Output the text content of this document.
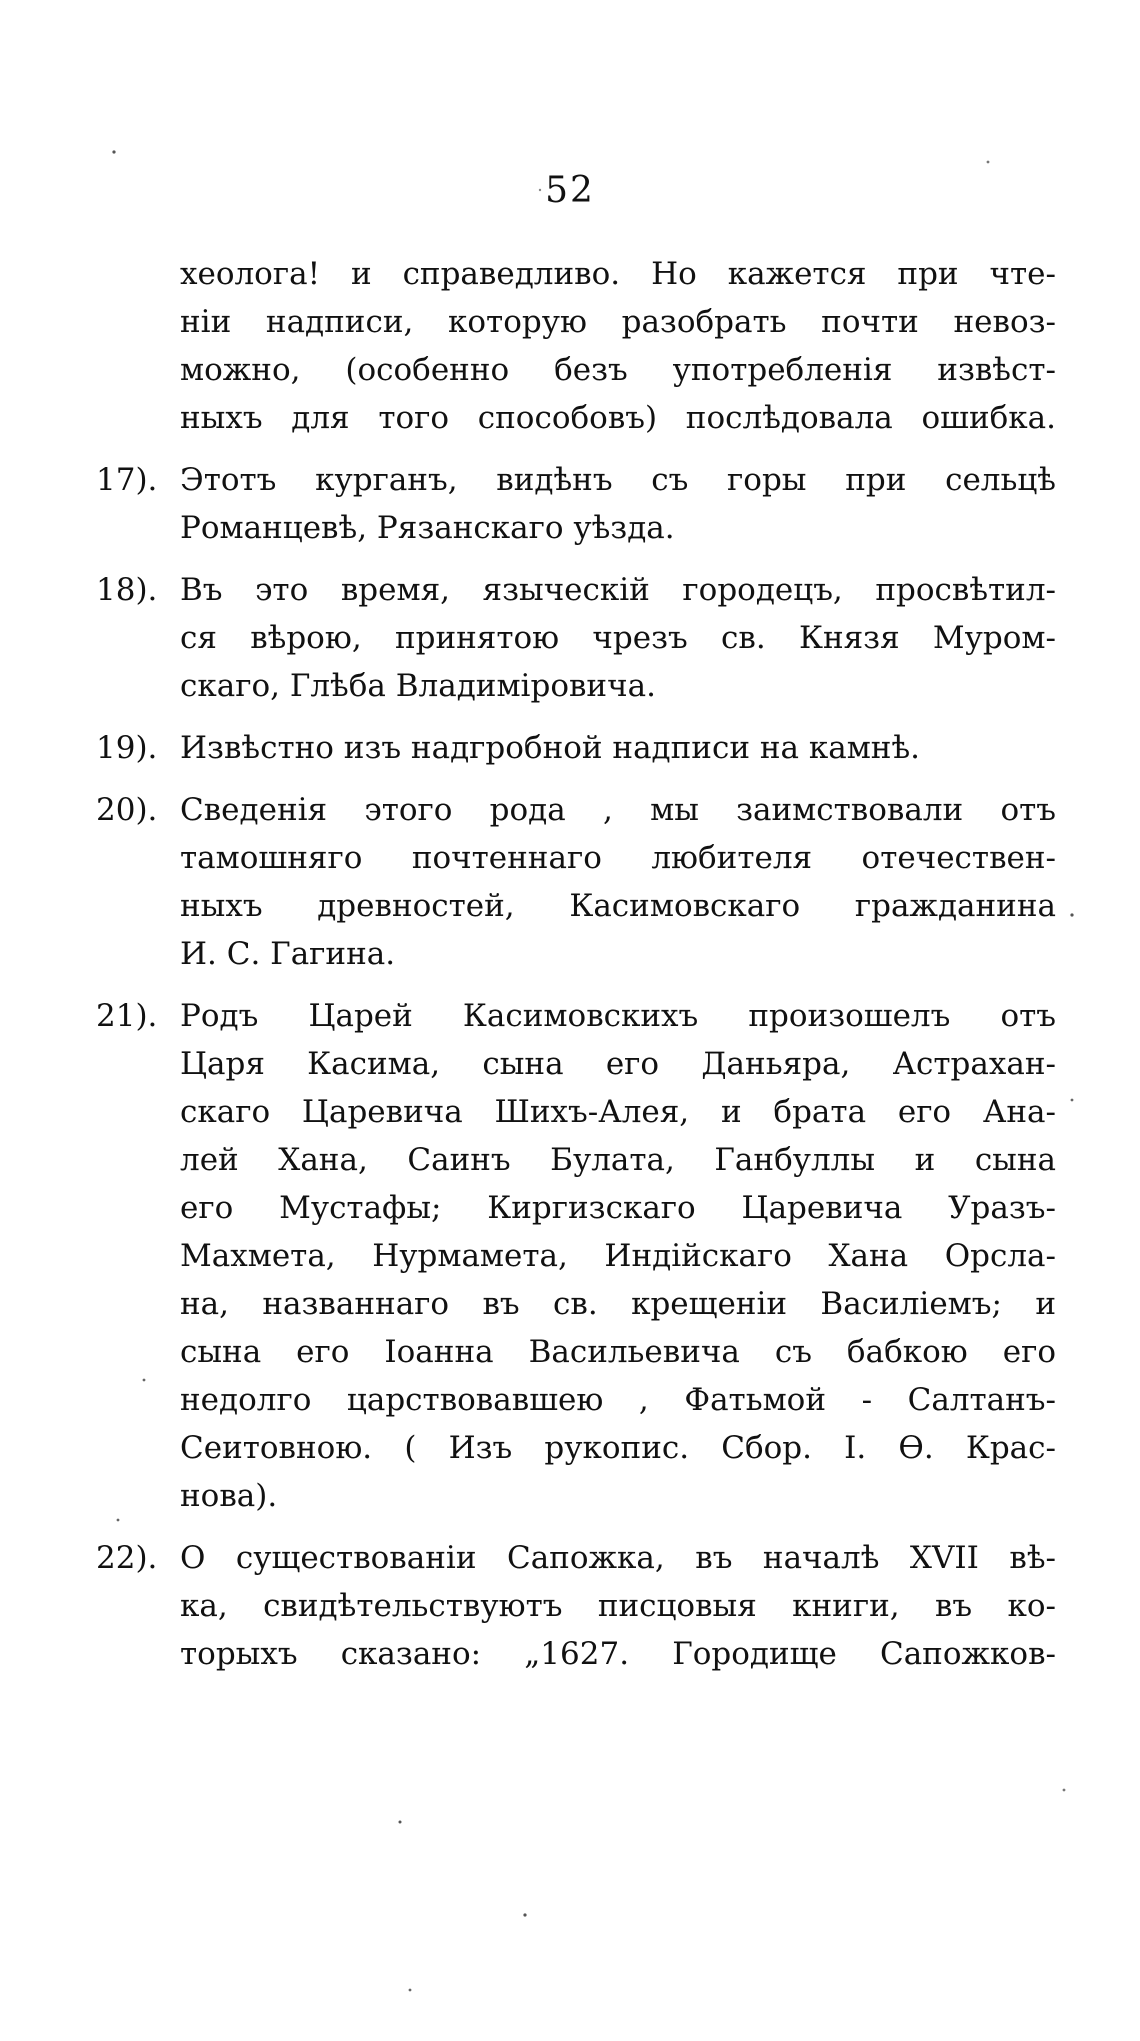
52
хеолога! и справедливо. Но кажется при чте-
ніи надписи, которую разобрать почти невоз-
можно, (особенно безъ употребленія извѣст-
ныхъ для того способовъ) послѣдовала ошибка.
17). Этотъ курганъ, видѣнъ съ горы при сельцѣ
Романцевѣ, Рязанскаго уѣзда.
18). Въ это время, языческій городецъ, просвѣтил-
ся вѣрою, принятою чрезъ св. Князя Муром-
скаго, Глѣба Владимiровича.
19). Извѣстно изъ надгробной надписи на камнѣ.
20). Сведенія этого рода , мы заимствовали отъ
тамошняго почтеннаго любителя отечествен-
ныхъ древностей, Касимовскаго гражданина
И. С. Гагина.
21). Родъ Царей Касимовскихъ произошелъ отъ
Царя Касима, сына его Даньяра, Астрахан-
скаго Царевича Шихъ-Алея, и брата его Ана-
лей Хана, Саинъ Булата, Ганбуллы и сына
его Мустафы; Киргизскаго Царевича Уразъ-
Махмета, Нурмамета, Индійскаго Хана Орсла-
на, названнаго въ св. крещеніи Василіемъ; и
сына его Іоанна Васильевича съ бабкою его
недолго царствовавшею , Фатьмой - Салтанъ-
Сеитовною. ( Изъ рукопис. Сбор. І. Ѳ. Крас-
нова).
22). О существованіи Сапожка, въ началѣ XVII вѣ-
ка, свидѣтельствуютъ писцовыя книги, въ ко-
торыхъ сказано: „1627. Городище Сапожков-
